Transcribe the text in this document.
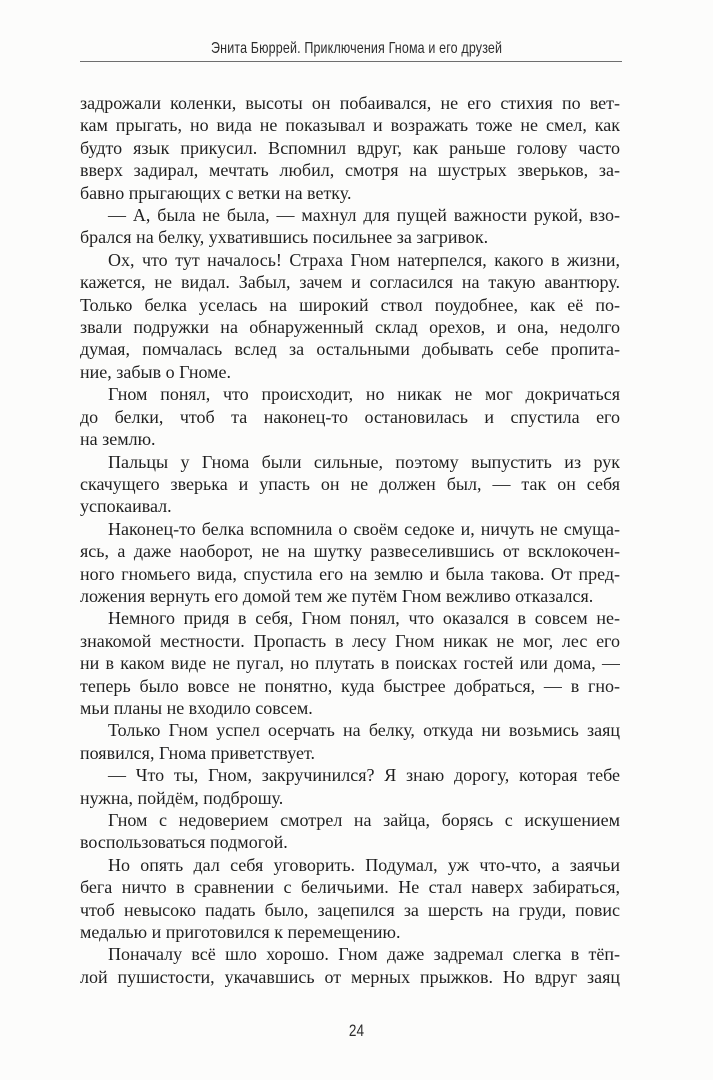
Энита Бюррей. Приключения Гнома и его друзей
задрожали коленки, высоты он побаивался, не его стихия по вет-
кам прыгать, но вида не показывал и возражать тоже не смел, как
будто язык прикусил. Вспомнил вдруг, как раньше голову часто
вверх задирал, мечтать любил, смотря на шустрых зверьков, за-
бавно прыгающих с ветки на ветку.
— А, была не была, — махнул для пущей важности рукой, взо-
брался на белку, ухватившись посильнее за загривок.
Ох, что тут началось! Страха Гном натерпелся, какого в жизни,
кажется, не видал. Забыл, зачем и согласился на такую авантюру.
Только белка уселась на широкий ствол поудобнее, как её по-
звали подружки на обнаруженный склад орехов, и она, недолго
думая, помчалась вслед за остальными добывать себе пропита-
ние, забыв о Гноме.
Гном понял, что происходит, но никак не мог докричаться
до белки, чтоб та наконец-то остановилась и спустила его
на землю.
Пальцы у Гнома были сильные, поэтому выпустить из рук
скачущего зверька и упасть он не должен был, — так он себя
успокаивал.
Наконец-то белка вспомнила о своём седоке и, ничуть не смуща-
ясь, а даже наоборот, не на шутку развеселившись от всклокочен-
ного гномьего вида, спустила его на землю и была такова. От пред-
ложения вернуть его домой тем же путём Гном вежливо отказался.
Немного придя в себя, Гном понял, что оказался в совсем не-
знакомой местности. Пропасть в лесу Гном никак не мог, лес его
ни в каком виде не пугал, но плутать в поисках гостей или дома, —
теперь было вовсе не понятно, куда быстрее добраться, — в гно-
мьи планы не входило совсем.
Только Гном успел осерчать на белку, откуда ни возьмись заяц
появился, Гнома приветствует.
— Что ты, Гном, закручинился? Я знаю дорогу, которая тебе
нужна, пойдём, подброшу.
Гном с недоверием смотрел на зайца, борясь с искушением
воспользоваться подмогой.
Но опять дал себя уговорить. Подумал, уж что-что, а заячьи
бега ничто в сравнении с беличьими. Не стал наверх забираться,
чтоб невысоко падать было, зацепился за шерсть на груди, повис
медалью и приготовился к перемещению.
Поначалу всё шло хорошо. Гном даже задремал слегка в тёп-
лой пушистости, укачавшись от мерных прыжков. Но вдруг заяц
24
